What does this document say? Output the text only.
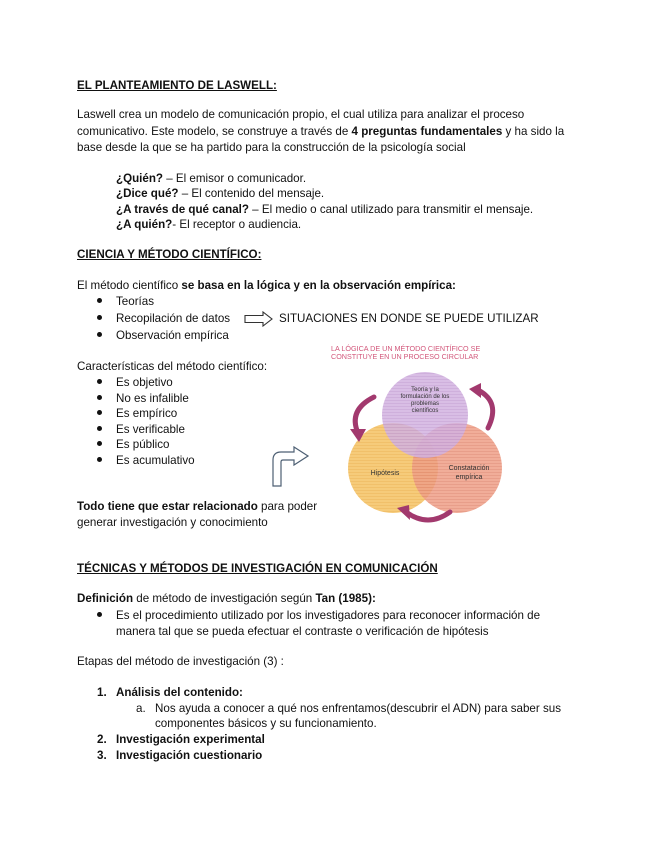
EL PLANTEAMIENTO DE LASWELL:
Laswell crea un modelo de comunicación propio, el cual utiliza para analizar el proceso
comunicativo. Este modelo, se construye a través de 4 preguntas fundamentales y ha sido la
base desde la que se ha partido para la construcción de la psicología social
¿Quién? – El emisor o comunicador.
¿Dice qué? – El contenido del mensaje.
¿A través de qué canal? – El medio o canal utilizado para transmitir el mensaje.
¿A quién?- El receptor o audiencia.
CIENCIA Y MÉTODO CIENTÍFICO:
El método científico se basa en la lógica y en la observación empírica:
Teorías
Recopilación de datos
Observación empírica
SITUACIONES EN DONDE SE PUEDE UTILIZAR
Características del método científico:
Es objetivo
No es infalible
Es empírico
Es verificable
Es público
Es acumulativo
Todo tiene que estar relacionado para poder
generar investigación y conocimiento
LA LÓGICA DE UN MÉTODO CIENTÍFICO SE
CONSTITUYE EN UN PROCESO CIRCULAR
Teoría y la
formulación de los
problemas
científicos
Hipótesis
Constatación
empírica
TÉCNICAS Y MÉTODOS DE INVESTIGACIÓN EN COMUNICACIÓN
Definición de método de investigación según Tan (1985):
Es el procedimiento utilizado por los investigadores para reconocer información de
manera tal que se pueda efectuar el contraste o verificación de hipótesis
Etapas del método de investigación (3) :
1. Análisis del contenido:
a. Nos ayuda a conocer a qué nos enfrentamos(descubrir el ADN) para saber sus
componentes básicos y su funcionamiento.
2. Investigación experimental
3. Investigación cuestionario
